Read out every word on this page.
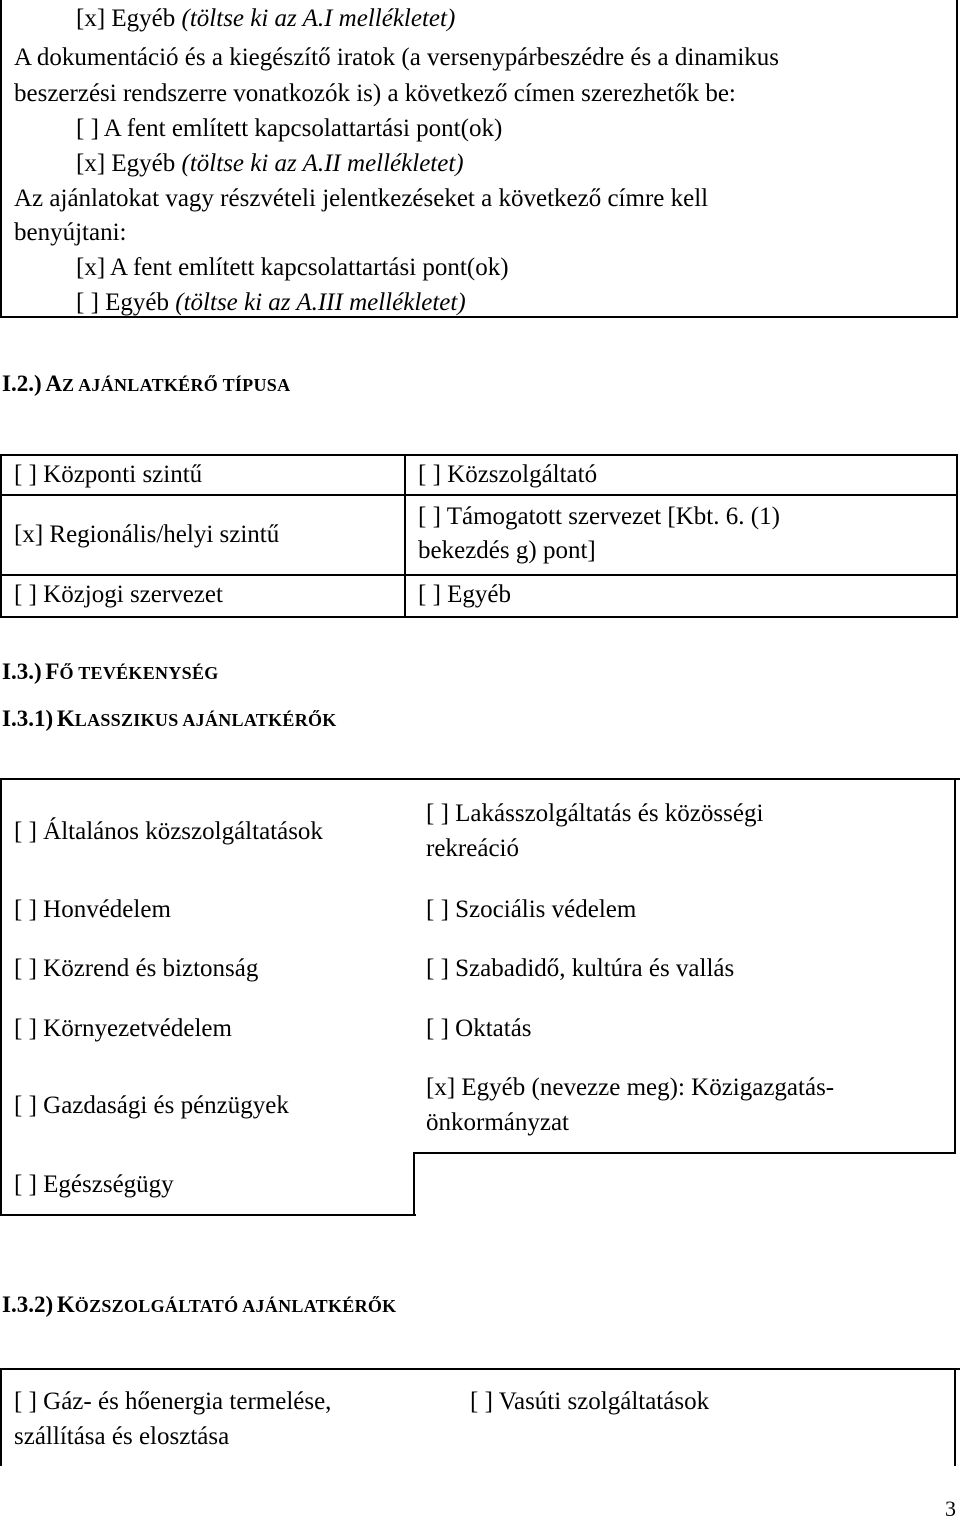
[x] Egyéb (töltse ki az A.I mellékletet)
A dokumentáció és a kiegészítő iratok (a versenypárbeszédre és a dinamikus
beszerzési rendszerre vonatkozók is) a következő címen szerezhetők be:
[ ] A fent említett kapcsolattartási pont(ok)
[x] Egyéb (töltse ki az A.II mellékletet)
Az ajánlatokat vagy részvételi jelentkezéseket a következő címre kell
benyújtani:
[x] A fent említett kapcsolattartási pont(ok)
[ ] Egyéb (töltse ki az A.III mellékletet)
I.2.) AZ AJÁNLATKÉRŐ TÍPUSA
[ ] Központi szintű	[ ] Közszolgáltató
[x] Regionális/helyi szintű
[ ] Támogatott szervezet [Kbt. 6. (1)
bekezdés g) pont]
[ ] Közjogi szervezet	[ ] Egyéb
I.3.) FŐ TEVÉKENYSÉG
I.3.1) KLASSZIKUS AJÁNLATKÉRŐK
[ ] Általános közszolgáltatások
[ ] Honvédelem
[ ] Közrend és biztonság
[ ] Környezetvédelem
[ ] Gazdasági és pénzügyek
[ ] Egészségügy
[ ] Lakásszolgáltatás és közösségi
rekreáció
[ ] Szociális védelem
[ ] Szabadidő, kultúra és vallás
[ ] Oktatás
[x] Egyéb (nevezze meg): Közigazgatás-
önkormányzat
I.3.2) KÖZSZOLGÁLTATÓ AJÁNLATKÉRŐK
[ ] Gáz- és hőenergia termelése,
szállítása és elosztása
[ ] Vasúti szolgáltatások
3
